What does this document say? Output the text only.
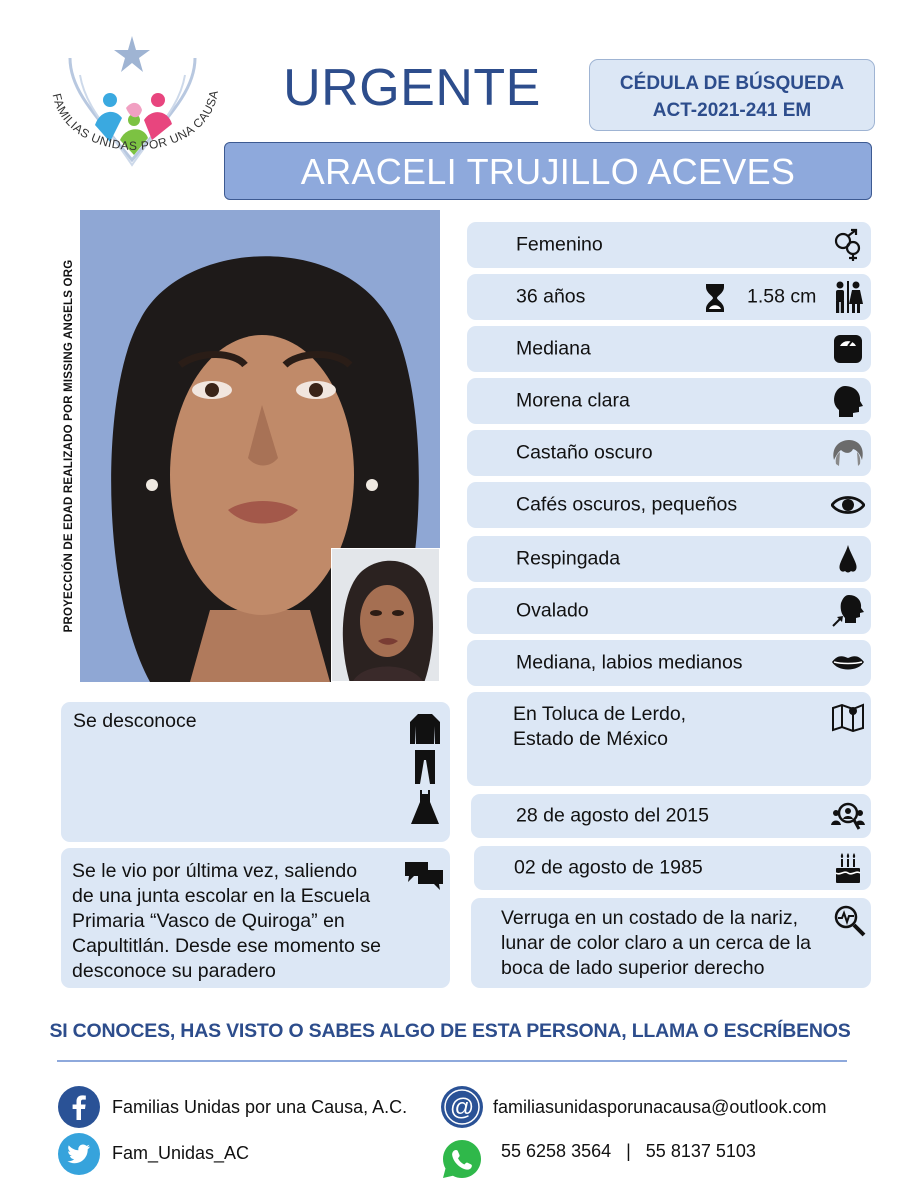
FAMILIAS UNIDAS POR UNA CAUSA URGENTE	CÉDULA DE BÚSQUEDA
ACT-2021-241 EM
ARACELI TRUJILLO ACEVES
PROYECCIÓN DE EDAD REALIZADO POR MISSING ANGELS ORG
Femenino
36 años	1.58 cm
Mediana
Morena clara
Castaño oscuro
Cafés oscuros, pequeños
Respingada
Ovalado
Mediana, labios medianos
En Toluca de Lerdo,
Estado de México
28 de agosto del 2015
02 de agosto de 1985
Verruga en un costado de la nariz,
lunar de color claro a un cerca de la
boca de lado superior derecho
Se desconoce
Se le vio por última vez, saliendo
de una junta escolar en la Escuela
Primaria “Vasco de Quiroga” en
Capultitlán. Desde ese momento se
desconoce su paradero
SI CONOCES, HAS VISTO O SABES ALGO DE ESTA PERSONA, LLAMA O ESCRÍBENOS
Familias Unidas por una Causa, A.C.
Fam_Unidas_AC
@ familiasunidasporunacausa@outlook.com
55 6258 3564   |   55 8137 5103
